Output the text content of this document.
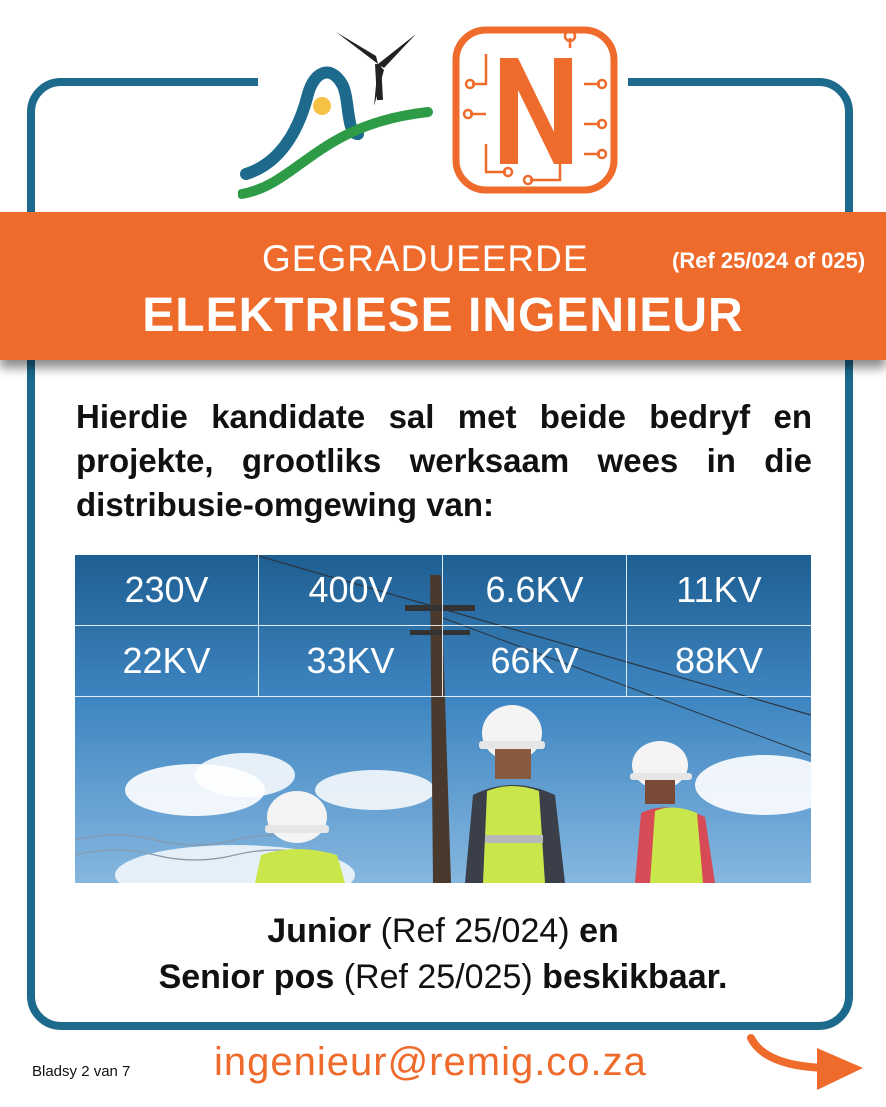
GEGRADUEERDE	(Ref 25/024 of 025)
ELEKTRIESE INGENIEUR
Hierdie kandidate sal met beide bedryf en projekte, grootliks werksaam wees in die distribusie-omgewing van:
230V	400V	6.6KV	11KV
22KV	33KV	66KV	88KV
Junior (Ref 25/024) en
Senior pos (Ref 25/025) beskikbaar.
Bladsy 2 van 7 ingenieur@remig.co.za
